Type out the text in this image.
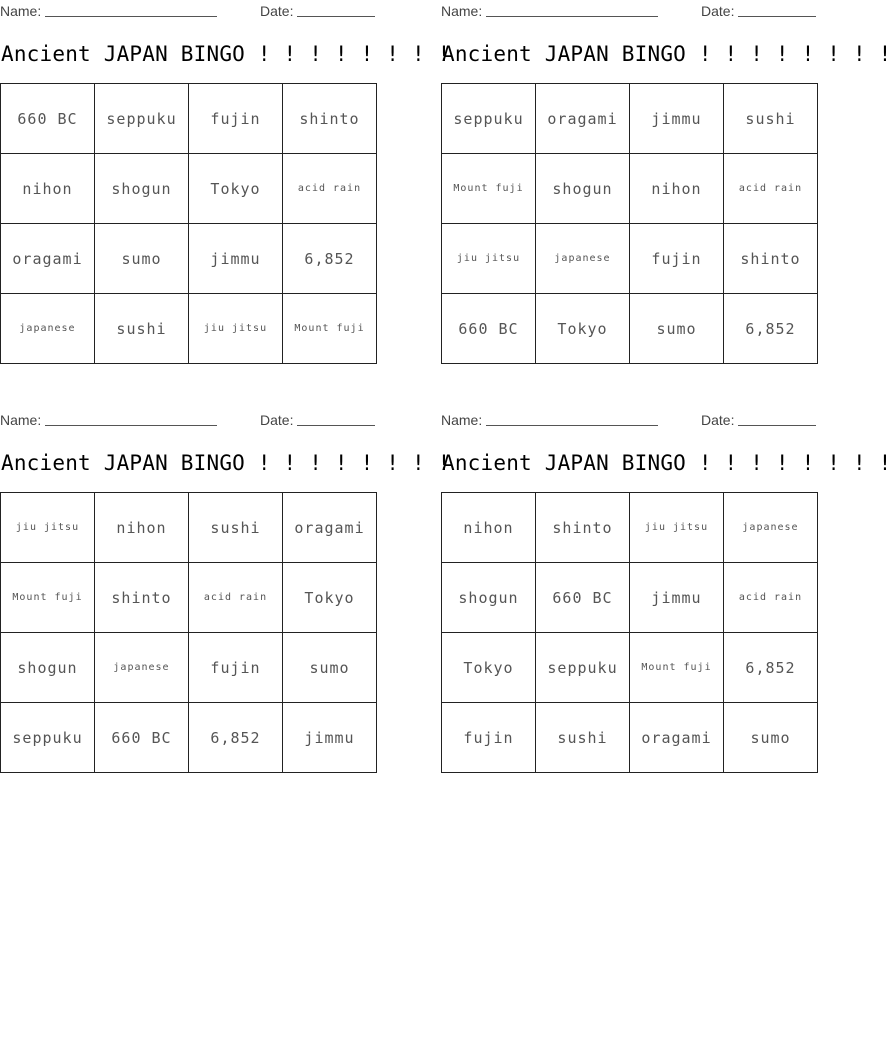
Name:	Date:
Ancient JAPAN BINGO ! ! ! ! ! ! ! !
660 BC	seppuku	fujin	shinto
nihon	shogun	Tokyo	acid rain
oragami	sumo	jimmu	6,852
japanese	sushi	jiu jitsu	Mount fuji
Name:	Date:
Ancient JAPAN BINGO ! ! ! ! ! ! ! !
seppuku	oragami	jimmu	sushi
Mount fuji	shogun	nihon	acid rain
jiu jitsu	japanese	fujin	shinto
660 BC	Tokyo	sumo	6,852
Name:	Date:
Ancient JAPAN BINGO ! ! ! ! ! ! ! !
jiu jitsu	nihon	sushi	oragami
Mount fuji	shinto	acid rain	Tokyo
shogun	japanese	fujin	sumo
seppuku	660 BC	6,852	jimmu
Name:	Date:
Ancient JAPAN BINGO ! ! ! ! ! ! ! !
nihon	shinto	jiu jitsu	japanese
shogun	660 BC	jimmu	acid rain
Tokyo	seppuku	Mount fuji	6,852
fujin	sushi	oragami	sumo
